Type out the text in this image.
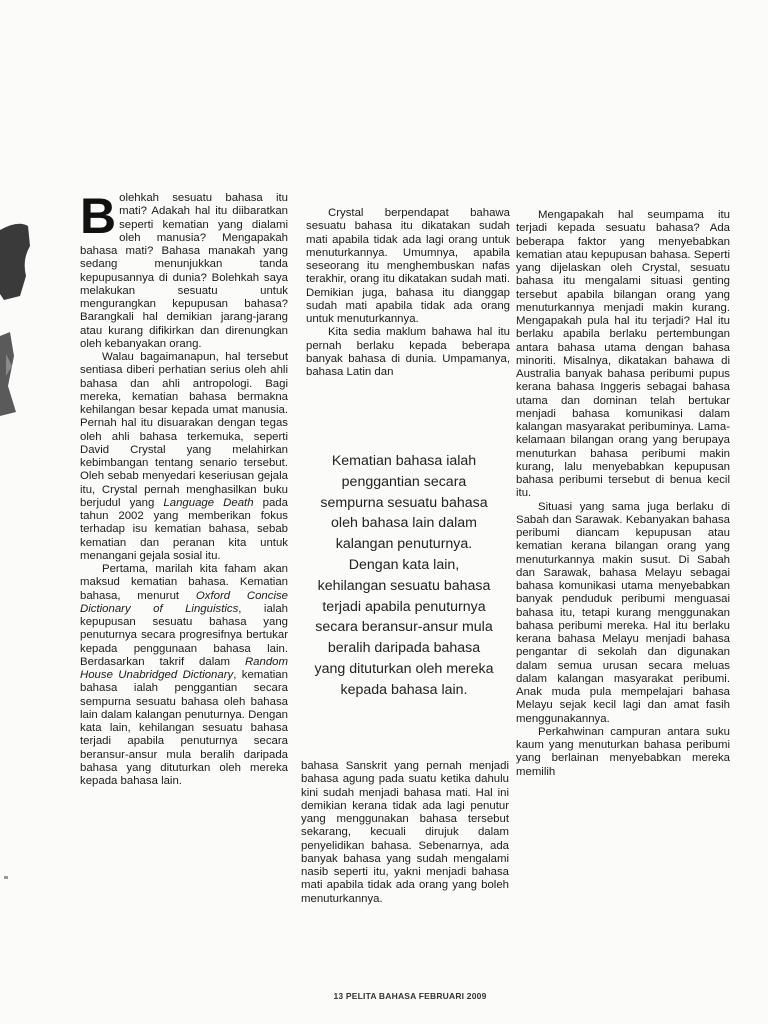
Bolehkah sesuatu bahasa itu mati? Adakah hal itu diibaratkan seperti kematian yang dialami oleh manusia? Mengapakah bahasa mati? Bahasa manakah yang sedang menunjukkan tanda kepupusannya di dunia? Bolehkah saya melakukan sesuatu untuk mengurangkan kepupusan bahasa? Barangkali hal demikian jarang-jarang atau kurang difikirkan dan direnungkan oleh kebanyakan orang.

Walau bagaimanapun, hal tersebut sentiasa diberi perhatian serius oleh ahli bahasa dan ahli antropologi. Bagi mereka, kematian bahasa bermakna kehilangan besar kepada umat manusia. Pernah hal itu disuarakan dengan tegas oleh ahli bahasa terkemuka, seperti David Crystal yang melahirkan kebimbangan tentang senario tersebut. Oleh sebab menyedari keseriusan gejala itu, Crystal pernah menghasilkan buku berjudul yang Language Death pada tahun 2002 yang memberikan fokus terhadap isu kematian bahasa, sebab kematian dan peranan kita untuk menangani gejala sosial itu.

Pertama, marilah kita faham akan maksud kematian bahasa. Kematian bahasa, menurut Oxford Concise Dictionary of Linguistics, ialah kepupusan sesuatu bahasa yang penuturnya secara progresifnya bertukar kepada penggunaan bahasa lain. Berdasarkan takrif dalam Random House Unabridged Dictionary, kematian bahasa ialah penggantian secara sempurna sesuatu bahasa oleh bahasa lain dalam kalangan penuturnya. Dengan kata lain, kehilangan sesuatu bahasa terjadi apabila penuturnya secara beransur-ansur mula beralih daripada bahasa yang dituturkan oleh mereka kepada bahasa lain.

Crystal berpendapat bahawa sesuatu bahasa itu dikatakan sudah mati apabila tidak ada lagi orang untuk menuturkannya. Umumnya, apabila seseorang itu menghembuskan nafas terakhir, orang itu dikatakan sudah mati. Demikian juga, bahasa itu dianggap sudah mati apabila tidak ada orang untuk menuturkannya.

Kita sedia maklum bahawa hal itu pernah berlaku kepada beberapa banyak bahasa di dunia. Umpamanya, bahasa Latin dan

Kematian bahasa ialah penggantian secara sempurna sesuatu bahasa oleh bahasa lain dalam kalangan penuturnya. Dengan kata lain, kehilangan sesuatu bahasa terjadi apabila penuturnya secara beransur-ansur mula beralih daripada bahasa yang dituturkan oleh mereka kepada bahasa lain.

bahasa Sanskrit yang pernah menjadi bahasa agung pada suatu ketika dahulu kini sudah menjadi bahasa mati. Hal ini demikian kerana tidak ada lagi penutur yang menggunakan bahasa tersebut sekarang, kecuali dirujuk dalam penyelidikan bahasa. Sebenarnya, ada banyak bahasa yang sudah mengalami nasib seperti itu, yakni menjadi bahasa mati apabila tidak ada orang yang boleh menuturkannya.

Mengapakah hal seumpama itu terjadi kepada sesuatu bahasa? Ada beberapa faktor yang menyebabkan kematian atau kepupusan bahasa. Seperti yang dijelaskan oleh Crystal, sesuatu bahasa itu mengalami situasi genting tersebut apabila bilangan orang yang menuturkannya menjadi makin kurang. Mengapakah pula hal itu terjadi? Hal itu berlaku apabila berlaku pertembungan antara bahasa utama dengan bahasa minoriti. Misalnya, dikatakan bahawa di Australia banyak bahasa peribumi pupus kerana bahasa Inggeris sebagai bahasa utama dan dominan telah bertukar menjadi bahasa komunikasi dalam kalangan masyarakat peribuminya. Lama-kelamaan bilangan orang yang berupaya menuturkan bahasa peribumi makin kurang, lalu menyebabkan kepupusan bahasa peribumi tersebut di benua kecil itu.

Situasi yang sama juga berlaku di Sabah dan Sarawak. Kebanyakan bahasa peribumi diancam kepupusan atau kematian kerana bilangan orang yang menuturkannya makin susut. Di Sabah dan Sarawak, bahasa Melayu sebagai bahasa komunikasi utama menyebabkan banyak penduduk peribumi menguasai bahasa itu, tetapi kurang menggunakan bahasa peribumi mereka. Hal itu berlaku kerana bahasa Melayu menjadi bahasa pengantar di sekolah dan digunakan dalam semua urusan secara meluas dalam kalangan masyarakat peribumi. Anak muda pula mempelajari bahasa Melayu sejak kecil lagi dan amat fasih menggunakannya.

Perkahwinan campuran antara suku kaum yang menuturkan bahasa peribumi yang berlainan menyebabkan mereka memilih

13 PELITA BAHASA FEBRUARI 2009
